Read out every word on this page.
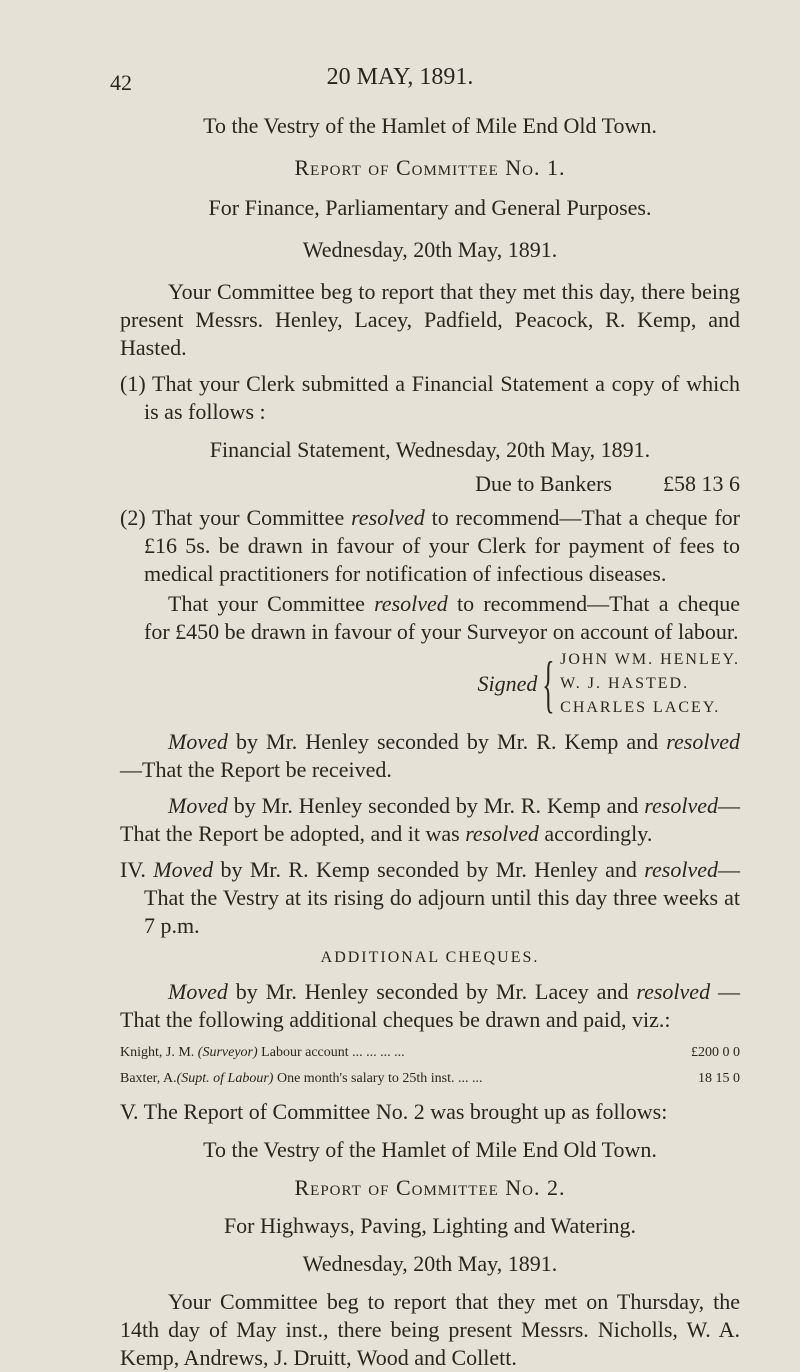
42	20 MAY, 1891.

To the Vestry of the Hamlet of Mile End Old Town.

Report of Committee No. 1.

For Finance, Parliamentary and General Purposes.

Wednesday, 20th May, 1891.

Your Committee beg to report that they met this day, there being present Messrs. Henley, Lacey, Padfield, Peacock, R. Kemp, and Hasted.

(1) That your Clerk submitted a Financial Statement a copy of which is as follows :

Financial Statement, Wednesday, 20th May, 1891.

Due to Bankers £58 13 6

(2) That your Committee resolved to recommend—That a cheque for £16 5s. be drawn in favour of your Clerk for payment of fees to medical practitioners for notification of infectious diseases.

That your Committee resolved to recommend—That a cheque for £450 be drawn in favour of your Surveyor on account of labour.

Signed { JOHN WM. HENLEY.
W. J. HASTED.
CHARLES LACEY.

Moved by Mr. Henley seconded by Mr. R. Kemp and resolved —That the Report be received.

Moved by Mr. Henley seconded by Mr. R. Kemp and resolved—That the Report be adopted, and it was resolved accordingly.

IV. Moved by Mr. R. Kemp seconded by Mr. Henley and resolved—That the Vestry at its rising do adjourn until this day three weeks at 7 p.m.

ADDITIONAL CHEQUES.

Moved by Mr. Henley seconded by Mr. Lacey and resolved —That the following additional cheques be drawn and paid, viz.:

Knight, J. M. (Surveyor) Labour account ... ... ... ...	£200 0 0
Baxter, A.(Supt. of Labour) One month's salary to 25th inst. ... ...	18 15 0

V. The Report of Committee No. 2 was brought up as follows:

To the Vestry of the Hamlet of Mile End Old Town.

Report of Committee No. 2.

For Highways, Paving, Lighting and Watering.

Wednesday, 20th May, 1891.

Your Committee beg to report that they met on Thursday, the 14th day of May inst., there being present Messrs. Nicholls, W. A. Kemp, Andrews, J. Druitt, Wood and Collett.
